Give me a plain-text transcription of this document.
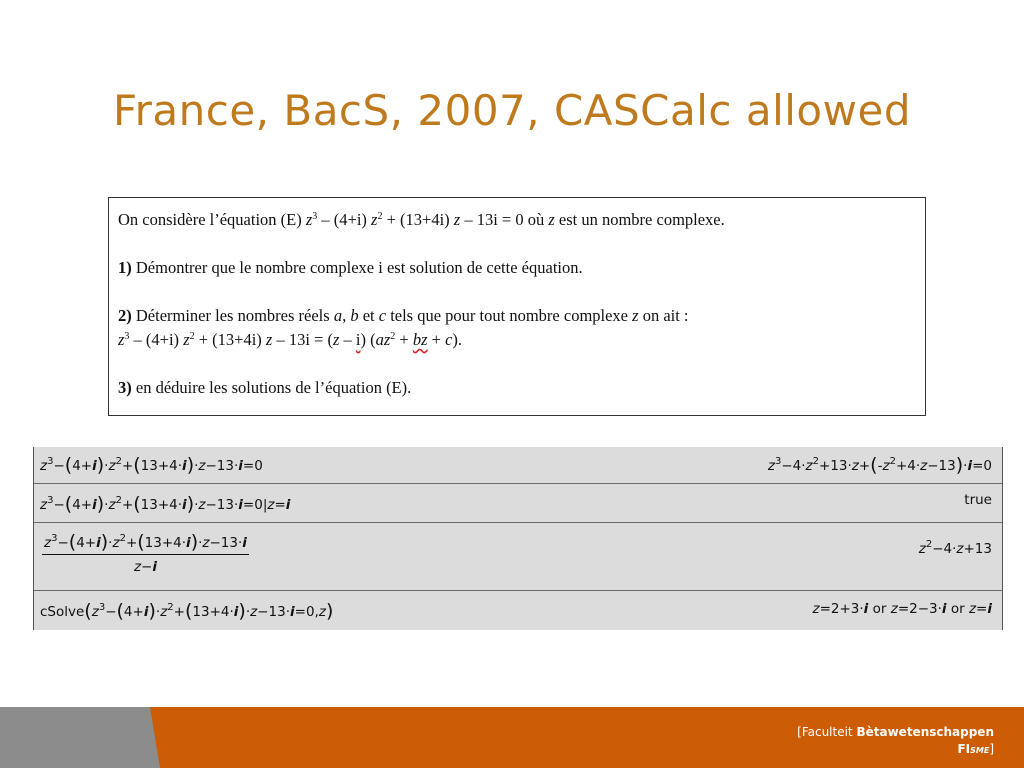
France, BacS, 2007, CASCalc allowed

On considère l’équation (E) $z^3 - (4+i) z^2 + (13+4i)$ z – 13i = 0 où z est un nombre complexe.

1) Démontrer que le nombre complexe i est solution de cette équation.

2) Déterminer les nombres réels a, b et c tels que pour tout nombre complexe z on ait :

$z^3 - (4+i) z^2 + (13+4i)$ z – 13i = (z – i) ($az^2$ + bz + c).

3) en déduire les solutions de l’équation (E).

$z^3-(4+i)\cdot z^2+(13+4\cdot i)\cdot z-13\cdot i=0$	$z^3-4\cdot z^2+13\cdot z+(-z^2+4\cdot z-13)\cdot i=0$
$z^3-(4+i)\cdot z^2+(13+4\cdot i)\cdot z-13\cdot i=0|z=i$	true
$\frac{z^3-(4+i)\cdot z^2+(13+4\cdot i)\cdot z-13\cdot i}{z-i}$	$z^2-4\cdot z+13$
$cSolve(z^3-(4+i)\cdot z^2+(13+4\cdot i)\cdot z-13\cdot i=0,z)$	z=2+3·i or z=2−3·i or z=i
[Faculteit Bètawetenschappen
FISME]
